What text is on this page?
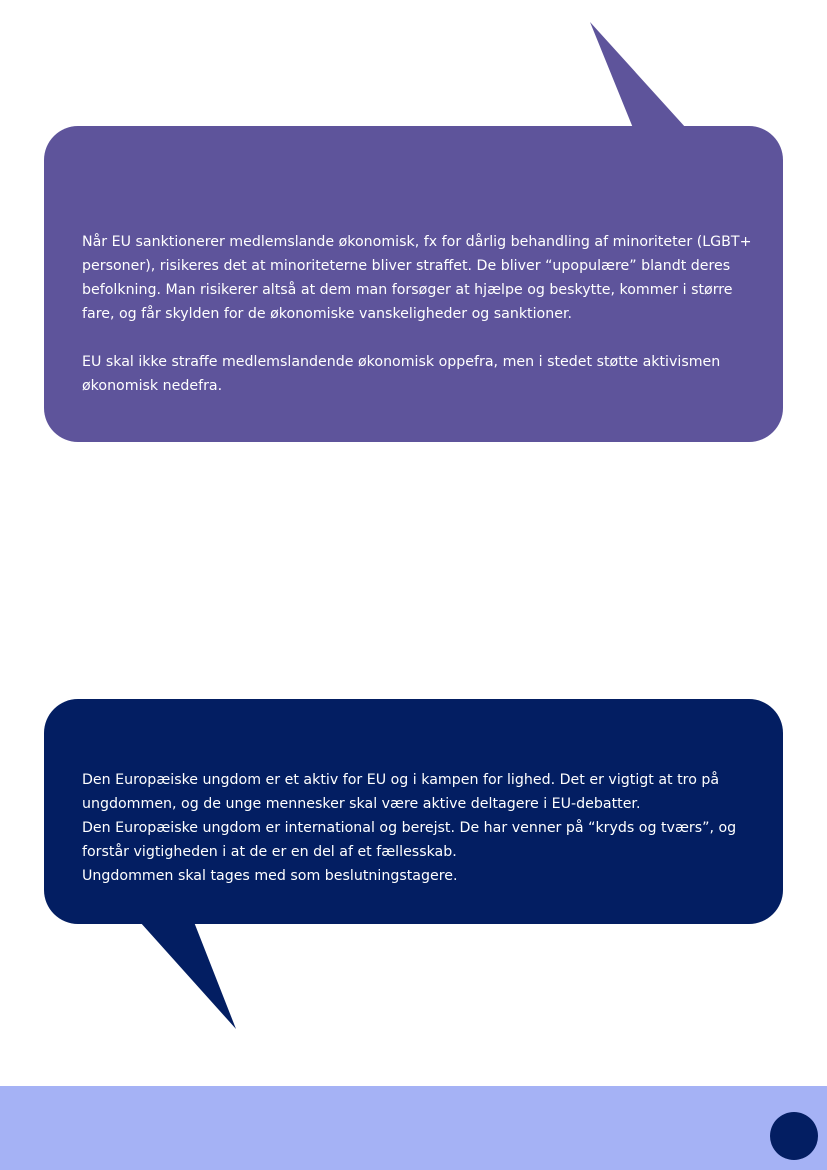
Når EU sanktionerer medlemslande økonomisk, fx for dårlig behandling af minoriteter (LGBT+ personer), risikeres det at minoriteterne bliver straffet. De bliver “upopulære” blandt deres befolkning. Man risikerer altså at dem man forsøger at hjælpe og beskytte, kommer i større fare, og får skylden for de økonomiske vanskeligheder og sanktioner.

EU skal ikke straffe medlemslandende økonomisk oppefra, men i stedet støtte aktivismen økonomisk nedefra.

Den Europæiske ungdom er et aktiv for EU og i kampen for lighed. Det er vigtigt at tro på ungdommen, og de unge mennesker skal være aktive deltagere i EU-debatter.

Den Europæiske ungdom er international og berejst. De har venner på “kryds og tværs”, og forstår vigtigheden i at de er en del af et fællesskab.

Ungdommen skal tages med som beslutningstagere.
